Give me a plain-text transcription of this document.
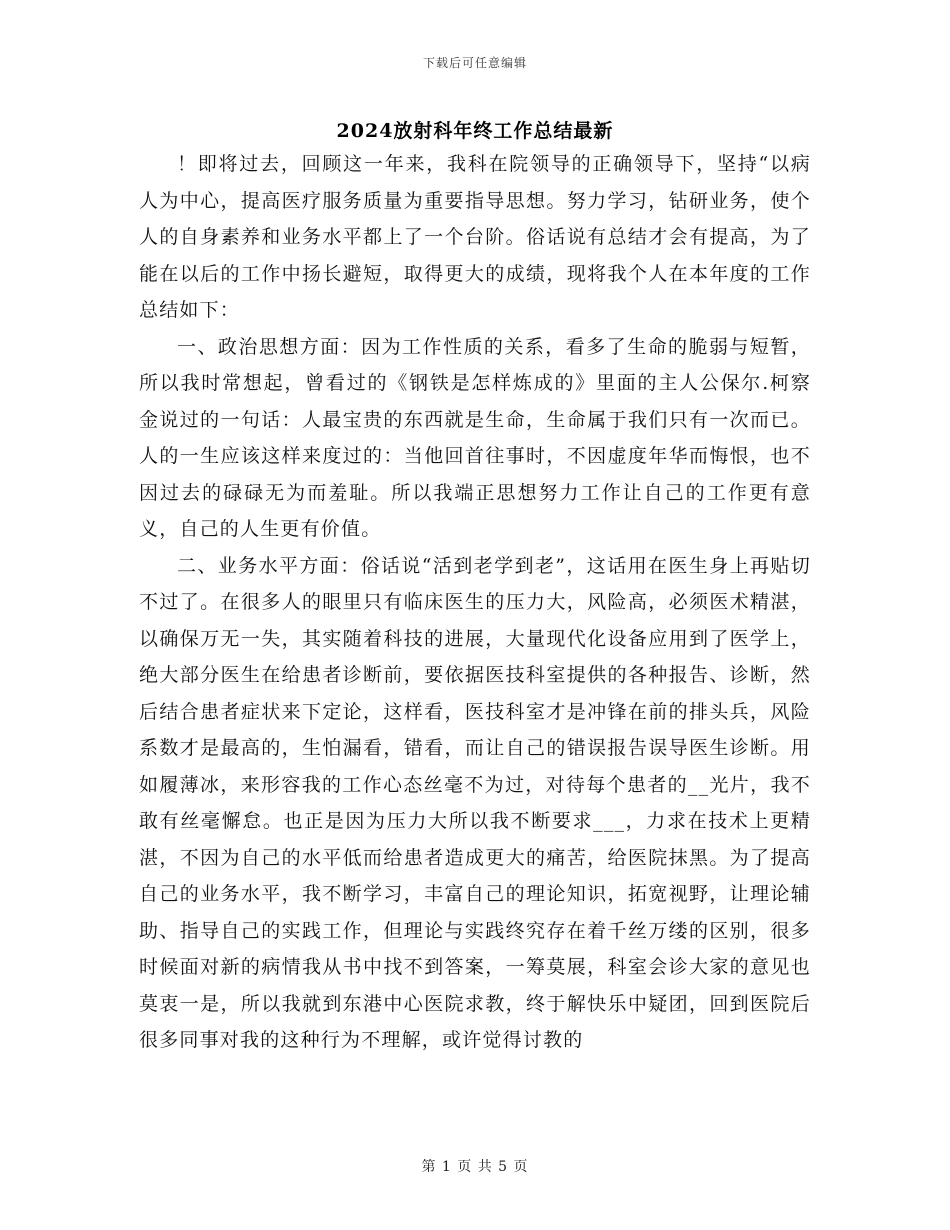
下载后可任意编辑
2024放射科年终工作总结最新

！即将过去，回顾这一年来，我科在院领导的正确领导下，坚持“以病人为中心，提高医疗服务质量为重要指导思想。努力学习，钻研业务，使个人的自身素养和业务水平都上了一个台阶。俗话说有总结才会有提高，为了能在以后的工作中扬长避短，取得更大的成绩，现将我个人在本年度的工作总结如下：

一、政治思想方面：因为工作性质的关系，看多了生命的脆弱与短暂，所以我时常想起，曾看过的《钢铁是怎样炼成的》里面的主人公保尔.柯察金说过的一句话：人最宝贵的东西就是生命，生命属于我们只有一次而已。人的一生应该这样来度过的：当他回首往事时，不因虚度年华而悔恨，也不因过去的碌碌无为而羞耻。所以我端正思想努力工作让自己的工作更有意义，自己的人生更有价值。

二、业务水平方面：俗话说“活到老学到老”，这话用在医生身上再贴切不过了。在很多人的眼里只有临床医生的压力大，风险高，必须医术精湛，以确保万无一失，其实随着科技的进展，大量现代化设备应用到了医学上，绝大部分医生在给患者诊断前，要依据医技科室提供的各种报告、诊断，然后结合患者症状来下定论，这样看，医技科室才是冲锋在前的排头兵，风险系数才是最高的，生怕漏看，错看，而让自己的错误报告误导医生诊断。用如履薄冰，来形容我的工作心态丝毫不为过，对待每个患者的__光片，我不敢有丝毫懈怠。也正是因为压力大所以我不断要求___，力求在技术上更精湛，不因为自己的水平低而给患者造成更大的痛苦，给医院抹黑。为了提高自己的业务水平，我不断学习，丰富自己的理论知识，拓宽视野，让理论辅助、指导自己的实践工作，但理论与实践终究存在着千丝万缕的区别，很多时候面对新的病情我从书中找不到答案，一筹莫展，科室会诊大家的意见也莫衷一是，所以我就到东港中心医院求教，终于解快乐中疑团，回到医院后很多同事对我的这种行为不理解，或许觉得讨教的

第 1 页 共 5 页
